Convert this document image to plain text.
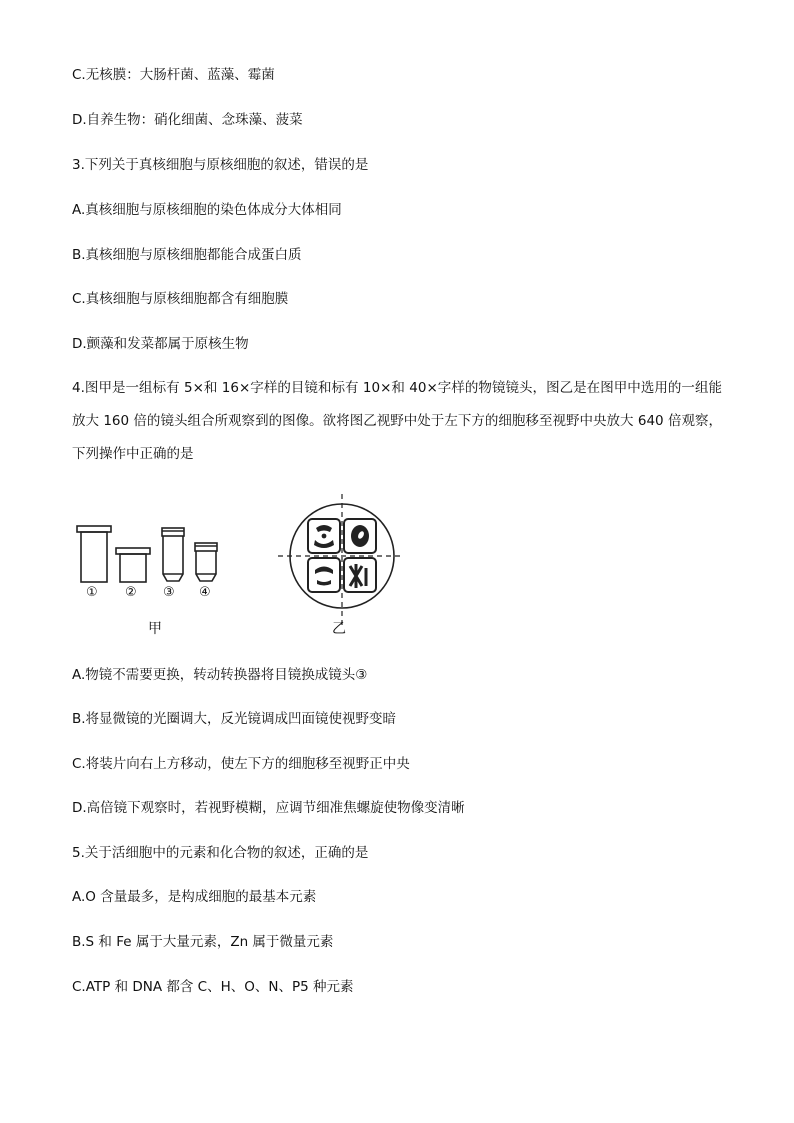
C.无核膜：大肠杆菌、蓝藻、霉菌
D.自养生物：硝化细菌、念珠藻、菠菜
3.下列关于真核细胞与原核细胞的叙述，错误的是
A.真核细胞与原核细胞的染色体成分大体相同
B.真核细胞与原核细胞都能合成蛋白质
C.真核细胞与原核细胞都含有细胞膜
D.颤藻和发菜都属于原核生物
4.图甲是一组标有 5×和 16×字样的目镜和标有 10×和 40×字样的物镜镜头，图乙是在图甲中选用的一组能放大 160 倍的镜头组合所观察到的图像。欲将图乙视野中处于左下方的细胞移至视野中央放大 640 倍观察，下列操作中正确的是
① ② ③ ④
甲	乙
A.物镜不需要更换，转动转换器将目镜换成镜头③
B.将显微镜的光圈调大，反光镜调成凹面镜使视野变暗
C.将装片向右上方移动，使左下方的细胞移至视野正中央
D.高倍镜下观察时，若视野模糊，应调节细准焦螺旋使物像变清晰
5.关于活细胞中的元素和化合物的叙述，正确的是
A.O 含量最多，是构成细胞的最基本元素
B.S 和 Fe 属于大量元素，Zn 属于微量元素
C.ATP 和 DNA 都含 C、H、O、N、P5 种元素
